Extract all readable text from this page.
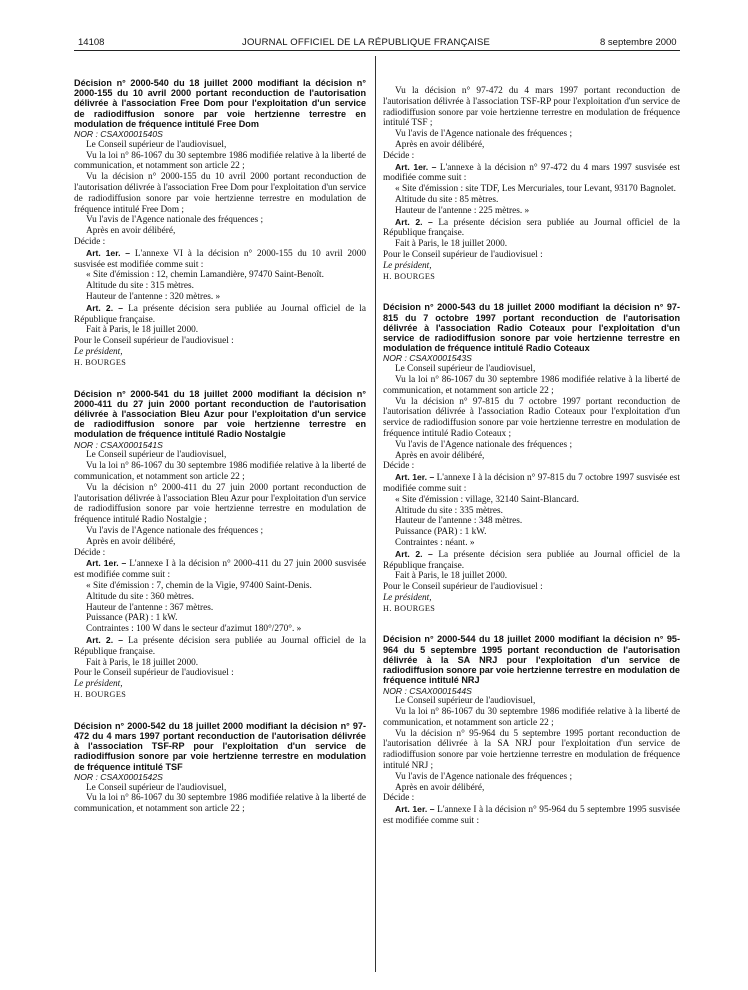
14108	JOURNAL OFFICIEL DE LA RÉPUBLIQUE FRANÇAISE	8 septembre 2000

Décision n° 2000-540 du 18 juillet 2000 modifiant la décision n° 2000-155 du 10 avril 2000 portant reconduction de l'autorisation délivrée à l'association Free Dom pour l'exploitation d'un service de radiodiffusion sonore par voie hertzienne terrestre en modulation de fréquence intitulé Free Dom

NOR : CSAX0001540S

Le Conseil supérieur de l'audiovisuel,

Vu la loi n° 86-1067 du 30 septembre 1986 modifiée relative à la liberté de communication, et notamment son article 22 ;

Vu la décision n° 2000-155 du 10 avril 2000 portant reconduction de l'autorisation délivrée à l'association Free Dom pour l'exploitation d'un service de radiodiffusion sonore par voie hertzienne terrestre en modulation de fréquence intitulé Free Dom ;

Vu l'avis de l'Agence nationale des fréquences ;

Après en avoir délibéré,

Décide :

Art. 1er. – L'annexe VI à la décision n° 2000-155 du 10 avril 2000 susvisée est modifiée comme suit :

« Site d'émission : 12, chemin Lamandière, 97470 Saint-Benoît.

Altitude du site : 315 mètres.

Hauteur de l'antenne : 320 mètres. »

Art. 2. – La présente décision sera publiée au Journal officiel de la République française.

Fait à Paris, le 18 juillet 2000.

Pour le Conseil supérieur de l'audiovisuel :

Le président,

H. BOURGES

Décision n° 2000-541 du 18 juillet 2000 modifiant la décision n° 2000-411 du 27 juin 2000 portant reconduction de l'autorisation délivrée à l'association Bleu Azur pour l'exploitation d'un service de radiodiffusion sonore par voie hertzienne terrestre en modulation de fréquence intitulé Radio Nostalgie

NOR : CSAX0001541S

Le Conseil supérieur de l'audiovisuel,

Vu la loi n° 86-1067 du 30 septembre 1986 modifiée relative à la liberté de communication, et notamment son article 22 ;

Vu la décision n° 2000-411 du 27 juin 2000 portant reconduction de l'autorisation délivrée à l'association Bleu Azur pour l'exploitation d'un service de radiodiffusion sonore par voie hertzienne terrestre en modulation de fréquence intitulé Radio Nostalgie ;

Vu l'avis de l'Agence nationale des fréquences ;

Après en avoir délibéré,

Décide :

Art. 1er. – L'annexe I à la décision n° 2000-411 du 27 juin 2000 susvisée est modifiée comme suit :

« Site d'émission : 7, chemin de la Vigie, 97400 Saint-Denis.

Altitude du site : 360 mètres.

Hauteur de l'antenne : 367 mètres.

Puissance (PAR) : 1 kW.

Contraintes : 100 W dans le secteur d'azimut 180°/270°. »

Art. 2. – La présente décision sera publiée au Journal officiel de la République française.

Fait à Paris, le 18 juillet 2000.

Pour le Conseil supérieur de l'audiovisuel :

Le président,

H. BOURGES

Décision n° 2000-542 du 18 juillet 2000 modifiant la décision n° 97-472 du 4 mars 1997 portant reconduction de l'autorisation délivrée à l'association TSF-RP pour l'exploitation d'un service de radiodiffusion sonore par voie hertzienne terrestre en modulation de fréquence intitulé TSF

NOR : CSAX0001542S

Le Conseil supérieur de l'audiovisuel,

Vu la loi n° 86-1067 du 30 septembre 1986 modifiée relative à la liberté de communication, et notamment son article 22 ;

Vu la décision n° 97-472 du 4 mars 1997 portant reconduction de l'autorisation délivrée à l'association TSF-RP pour l'exploitation d'un service de radiodiffusion sonore par voie hertzienne terrestre en modulation de fréquence intitulé TSF ;

Vu l'avis de l'Agence nationale des fréquences ;

Après en avoir délibéré,

Décide :

Art. 1er. – L'annexe à la décision n° 97-472 du 4 mars 1997 susvisée est modifiée comme suit :

« Site d'émission : site TDF, Les Mercuriales, tour Levant, 93170 Bagnolet.

Altitude du site : 85 mètres.

Hauteur de l'antenne : 225 mètres. »

Art. 2. – La présente décision sera publiée au Journal officiel de la République française.

Fait à Paris, le 18 juillet 2000.

Pour le Conseil supérieur de l'audiovisuel :

Le président,

H. BOURGES

Décision n° 2000-543 du 18 juillet 2000 modifiant la décision n° 97-815 du 7 octobre 1997 portant reconduction de l'autorisation délivrée à l'association Radio Coteaux pour l'exploitation d'un service de radiodiffusion sonore par voie hertzienne terrestre en modulation de fréquence intitulé Radio Coteaux

NOR : CSAX0001543S

Le Conseil supérieur de l'audiovisuel,

Vu la loi n° 86-1067 du 30 septembre 1986 modifiée relative à la liberté de communication, et notamment son article 22 ;

Vu la décision n° 97-815 du 7 octobre 1997 portant reconduction de l'autorisation délivrée à l'association Radio Coteaux pour l'exploitation d'un service de radiodiffusion sonore par voie hertzienne terrestre en modulation de fréquence intitulé Radio Coteaux ;

Vu l'avis de l'Agence nationale des fréquences ;

Après en avoir délibéré,

Décide :

Art. 1er. – L'annexe I à la décision n° 97-815 du 7 octobre 1997 susvisée est modifiée comme suit :

« Site d'émission : village, 32140 Saint-Blancard.

Altitude du site : 335 mètres.

Hauteur de l'antenne : 348 mètres.

Puissance (PAR) : 1 kW.

Contraintes : néant. »

Art. 2. – La présente décision sera publiée au Journal officiel de la République française.

Fait à Paris, le 18 juillet 2000.

Pour le Conseil supérieur de l'audiovisuel :

Le président,

H. BOURGES

Décision n° 2000-544 du 18 juillet 2000 modifiant la décision n° 95-964 du 5 septembre 1995 portant reconduction de l'autorisation délivrée à la SA NRJ pour l'exploitation d'un service de radiodiffusion sonore par voie hertzienne terrestre en modulation de fréquence intitulé NRJ

NOR : CSAX0001544S

Le Conseil supérieur de l'audiovisuel,

Vu la loi n° 86-1067 du 30 septembre 1986 modifiée relative à la liberté de communication, et notamment son article 22 ;

Vu la décision n° 95-964 du 5 septembre 1995 portant reconduction de l'autorisation délivrée à la SA NRJ pour l'exploitation d'un service de radiodiffusion sonore par voie hertzienne terrestre en modulation de fréquence intitulé NRJ ;

Vu l'avis de l'Agence nationale des fréquences ;

Après en avoir délibéré,

Décide :

Art. 1er. – L'annexe I à la décision n° 95-964 du 5 septembre 1995 susvisée est modifiée comme suit :
